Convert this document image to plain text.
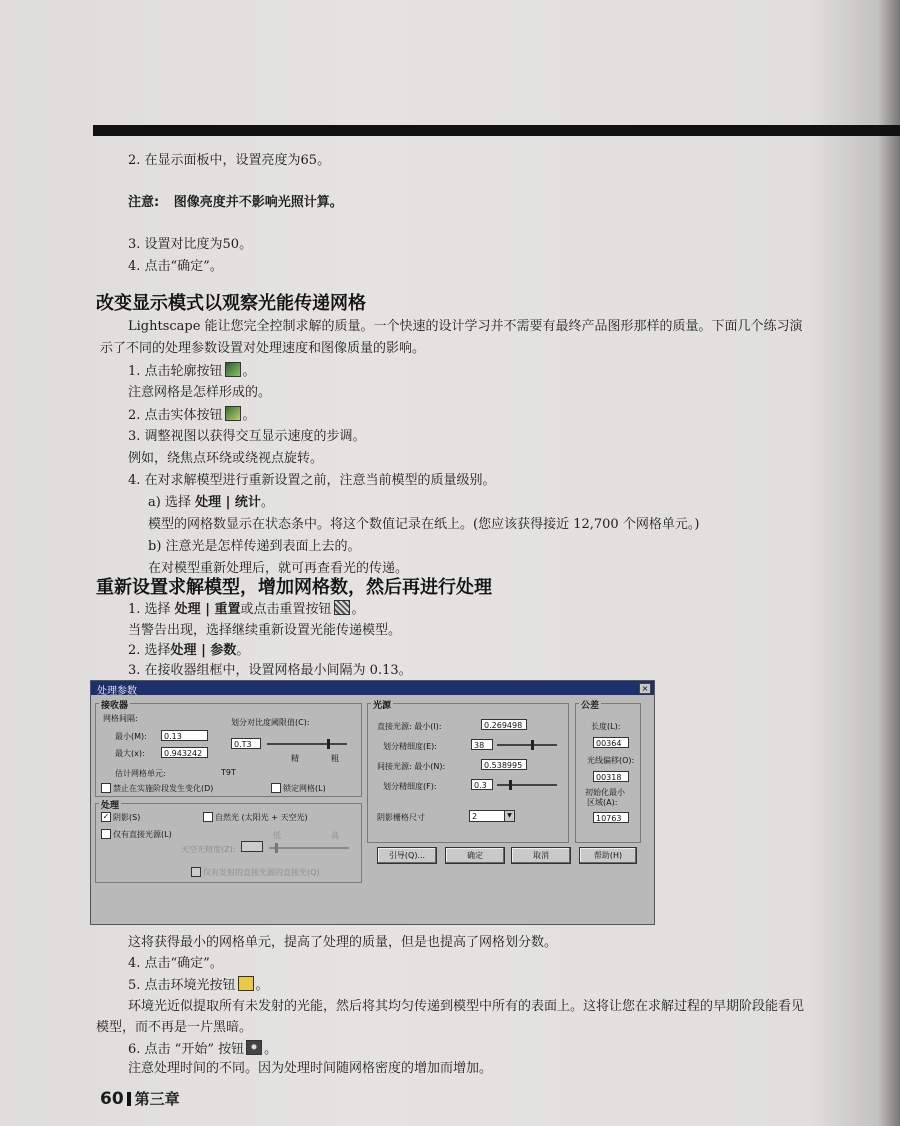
2. 在显示面板中，设置亮度为65。
注意: 图像亮度并不影响光照计算。
3. 设置对比度为50。
4. 点击“确定”。
改变显示模式以观察光能传递网格
Lightscape 能让您完全控制求解的质量。一个快速的设计学习并不需要有最终产品图形那样的质量。下面几个练习演
示了不同的处理参数设置对处理速度和图像质量的影响。
1. 点击轮廓按钮 。
注意网格是怎样形成的。
2. 点击实体按钮 。
3. 调整视图以获得交互显示速度的步调。
例如，绕焦点环绕或绕视点旋转。
4. 在对求解模型进行重新设置之前，注意当前模型的质量级别。
a) 选择 处理 | 统计。
模型的网格数显示在状态条中。将这个数值记录在纸上。(您应该获得接近 12,700 个网格单元。)
b) 注意光是怎样传递到表面上去的。
在对模型重新处理后，就可再查看光的传递。
重新设置求解模型，增加网格数，然后再进行处理
1. 选择 处理 | 重置或点击重置按钮 。
当警告出现，选择继续重新设置光能传递模型。
2. 选择处理 | 参数。
3. 在接收器组框中，设置网格最小间隔为 0.13。
处理参数	×
接收器
网格间隔:
最小(M):	0.13
最大(x):	0.943242
划分对比度阈限值(C):
0.T3
精	粗
估计网格单元:	T9T
禁止在实施阶段发生变化(D)	锁定网格(L)
处理
✓ 阴影(S)	自然光 (太阳光 + 天空光)
仅有直接光源(L)
天空光精度(Z):
低	高
仅有发射的直接光源的直接光(Q)
光源
直接光源: 最小(I):	0.269498
划分精细度(E):	38
间接光源: 最小(N):	0.538995
划分精细度(F):	0.3
阴影栅格尺寸	2	▼
公差
长度(L):
00364
光线偏移(O):
00318
初始化最小
区域(A):
10763
引导(Q)...	确定	取消	帮助(H)
这将获得最小的网格单元，提高了处理的质量，但是也提高了网格划分数。
4. 点击“确定”。
5. 点击环境光按钮 。
环境光近似提取所有未发射的光能，然后将其均匀传递到模型中所有的表面上。这将让您在求解过程的早期阶段能看见
模型，而不再是一片黑暗。
6. 点击 “开始” 按钮 。
注意处理时间的不同。因为处理时间随网格密度的增加而增加。
60 第三章
